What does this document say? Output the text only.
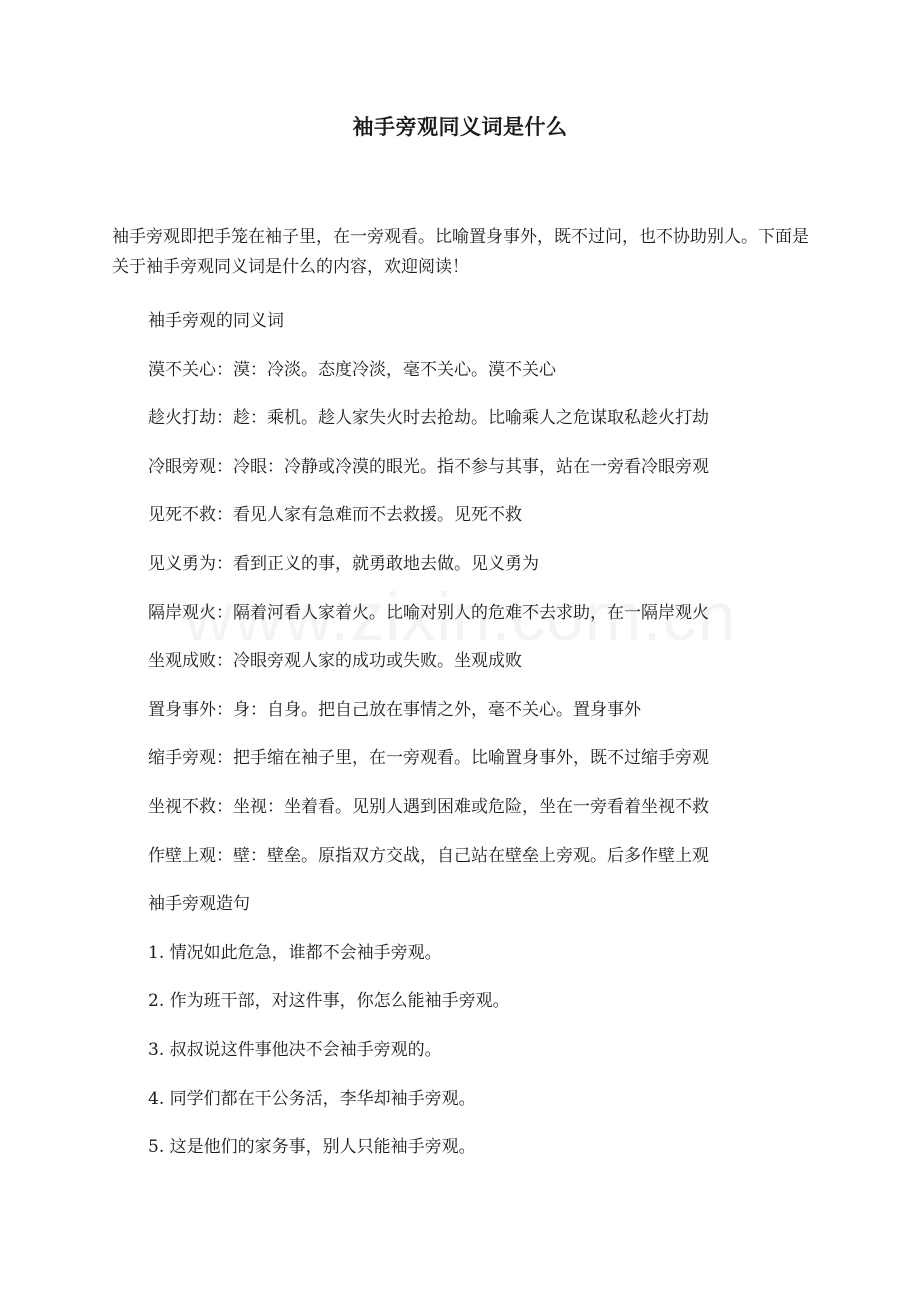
袖手旁观同义词是什么

袖手旁观即把手笼在袖子里，在一旁观看。比喻置身事外，既不过问，也不协助别人。下面是关于袖手旁观同义词是什么的内容，欢迎阅读！

袖手旁观的同义词
漠不关心：漠：冷淡。态度冷淡，毫不关心。漠不关心
趁火打劫：趁：乘机。趁人家失火时去抢劫。比喻乘人之危谋取私趁火打劫
冷眼旁观：冷眼：冷静或冷漠的眼光。指不参与其事，站在一旁看冷眼旁观
见死不救：看见人家有急难而不去救援。见死不救
见义勇为：看到正义的事，就勇敢地去做。见义勇为
隔岸观火：隔着河看人家着火。比喻对别人的危难不去求助，在一隔岸观火
坐观成败：冷眼旁观人家的成功或失败。坐观成败
置身事外：身：自身。把自己放在事情之外，毫不关心。置身事外
缩手旁观：把手缩在袖子里，在一旁观看。比喻置身事外，既不过缩手旁观
坐视不救：坐视：坐着看。见别人遇到困难或危险，坐在一旁看着坐视不救
作壁上观：壁：壁垒。原指双方交战，自己站在壁垒上旁观。后多作壁上观
袖手旁观造句
1. 情况如此危急，谁都不会袖手旁观。
2. 作为班干部，对这件事，你怎么能袖手旁观。
3. 叔叔说这件事他决不会袖手旁观的。
4. 同学们都在干公务活，李华却袖手旁观。
5. 这是他们的家务事，别人只能袖手旁观。
